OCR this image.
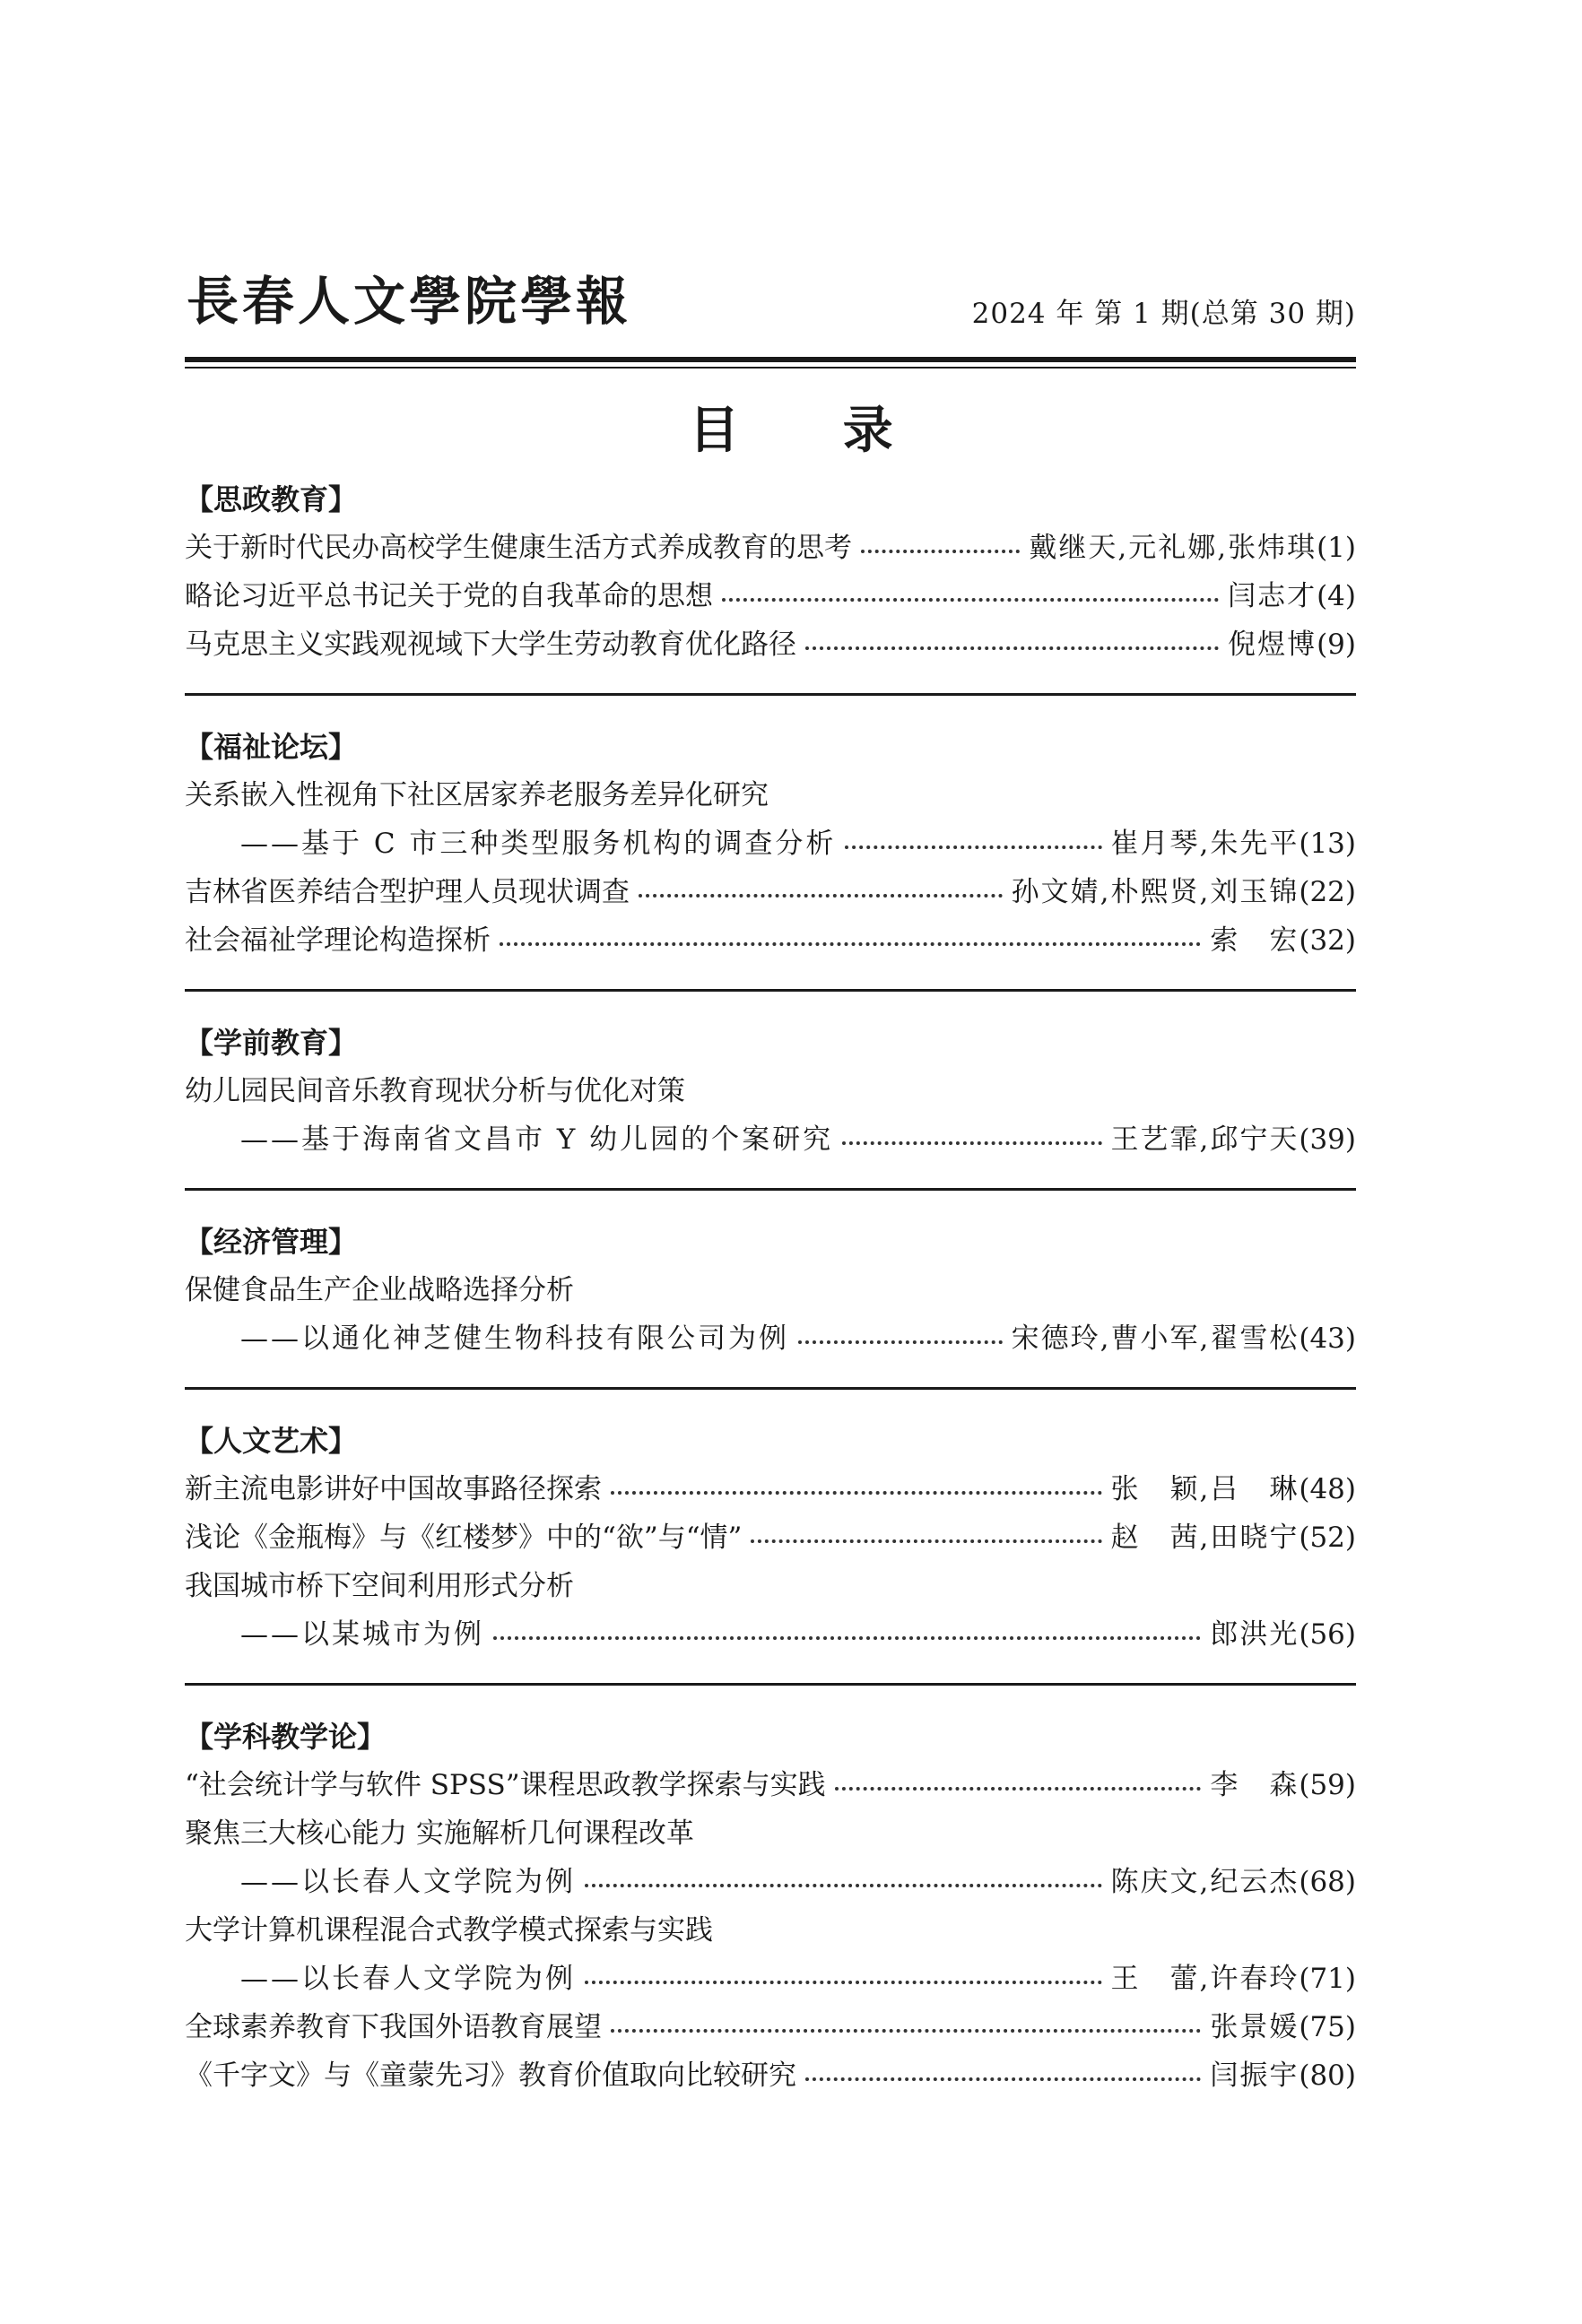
長春人文學院學報	2024 年 第 1 期(总第 30 期)
目 录
【思政教育】
关于新时代民办高校学生健康生活方式养成教育的思考	戴继天,元礼娜,张炜琪 (1)
略论习近平总书记关于党的自我革命的思想	闫志才 (4)
马克思主义实践观视域下大学生劳动教育优化路径	倪煜博 (9)
【福祉论坛】
关系嵌入性视角下社区居家养老服务差异化研究
——基于 C 市三种类型服务机构的调查分析	崔月琴,朱先平 (13)
吉林省医养结合型护理人员现状调查	孙文婧,朴熙贤,刘玉锦 (22)
社会福祉学理论构造探析	索　宏 (32)
【学前教育】
幼儿园民间音乐教育现状分析与优化对策
——基于海南省文昌市 Y 幼儿园的个案研究	王艺霏,邱宁天 (39)
【经济管理】
保健食品生产企业战略选择分析
——以通化神芝健生物科技有限公司为例	宋德玲,曹小军,翟雪松 (43)
【人文艺术】
新主流电影讲好中国故事路径探索	张　颖,吕　琳 (48)
浅论《金瓶梅》与《红楼梦》中的“欲”与“情”	赵　茜,田晓宁 (52)
我国城市桥下空间利用形式分析
——以某城市为例	郎洪光 (56)
【学科教学论】
“社会统计学与软件 SPSS”课程思政教学探索与实践	李　森 (59)
聚焦三大核心能力 实施解析几何课程改革
——以长春人文学院为例	陈庆文,纪云杰 (68)
大学计算机课程混合式教学模式探索与实践
——以长春人文学院为例	王　蕾,许春玲 (71)
全球素养教育下我国外语教育展望	张景媛 (75)
《千字文》与《童蒙先习》教育价值取向比较研究	闫振宇 (80)
